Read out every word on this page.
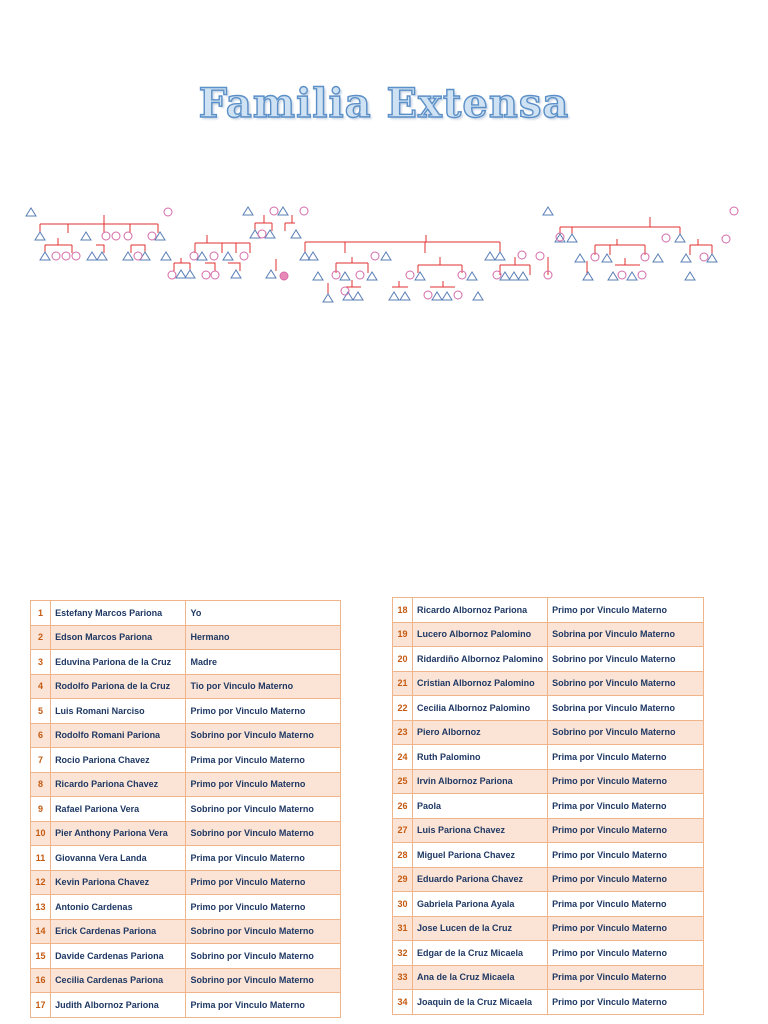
Familia Extensa
1	Estefany Marcos Pariona	Yo
2	Edson Marcos Pariona	Hermano
3	Eduvina Pariona de la Cruz	Madre
4	Rodolfo Pariona de la Cruz	Tio por Vinculo Materno
5	Luis Romani Narciso	Primo por Vinculo Materno
6	Rodolfo Romani Pariona	Sobrino por Vinculo Materno
7	Rocio Pariona Chavez	Prima por Vinculo Materno
8	Ricardo Pariona Chavez	Primo por Vinculo Materno
9	Rafael Pariona Vera	Sobrino por Vinculo Materno
10	Pier Anthony Pariona Vera	Sobrino por Vinculo Materno
11	Giovanna Vera Landa	Prima por Vinculo Materno
12	Kevin Pariona Chavez	Primo por Vinculo Materno
13	Antonio Cardenas	Primo por Vinculo Materno
14	Erick Cardenas Pariona	Sobrino por Vinculo Materno
15	Davide Cardenas Pariona	Sobrino por Vinculo Materno
16	Cecilia Cardenas Pariona	Sobrino por Vinculo Materno
17	Judith Albornoz Pariona	Prima por Vinculo Materno
18	Ricardo Albornoz Pariona	Primo por Vinculo Materno
19	Lucero Albornoz Palomino	Sobrina por Vinculo Materno
20	Ridardiño Albornoz Palomino	Sobrino por Vinculo Materno
21	Cristian Albornoz Palomino	Sobrino por Vinculo Materno
22	Cecilia Albornoz Palomino	Sobrina por Vinculo Materno
23	Piero Albornoz	Sobrino por Vinculo Materno
24	Ruth Palomino	Prima por Vinculo Materno
25	Irvin Albornoz Pariona	Primo por Vinculo Materno
26	Paola	Prima por Vinculo Materno
27	Luis Pariona Chavez	Primo por Vinculo Materno
28	Miguel Pariona Chavez	Primo por Vinculo Materno
29	Eduardo Pariona Chavez	Primo por Vinculo Materno
30	Gabriela Pariona Ayala	Prima por Vinculo Materno
31	Jose Lucen de la Cruz	Primo por Vinculo Materno
32	Edgar de la Cruz Micaela	Primo por Vinculo Materno
33	Ana de la Cruz Micaela	Prima por Vinculo Materno
34	Joaquin de la Cruz Micaela	Primo por Vinculo Materno
